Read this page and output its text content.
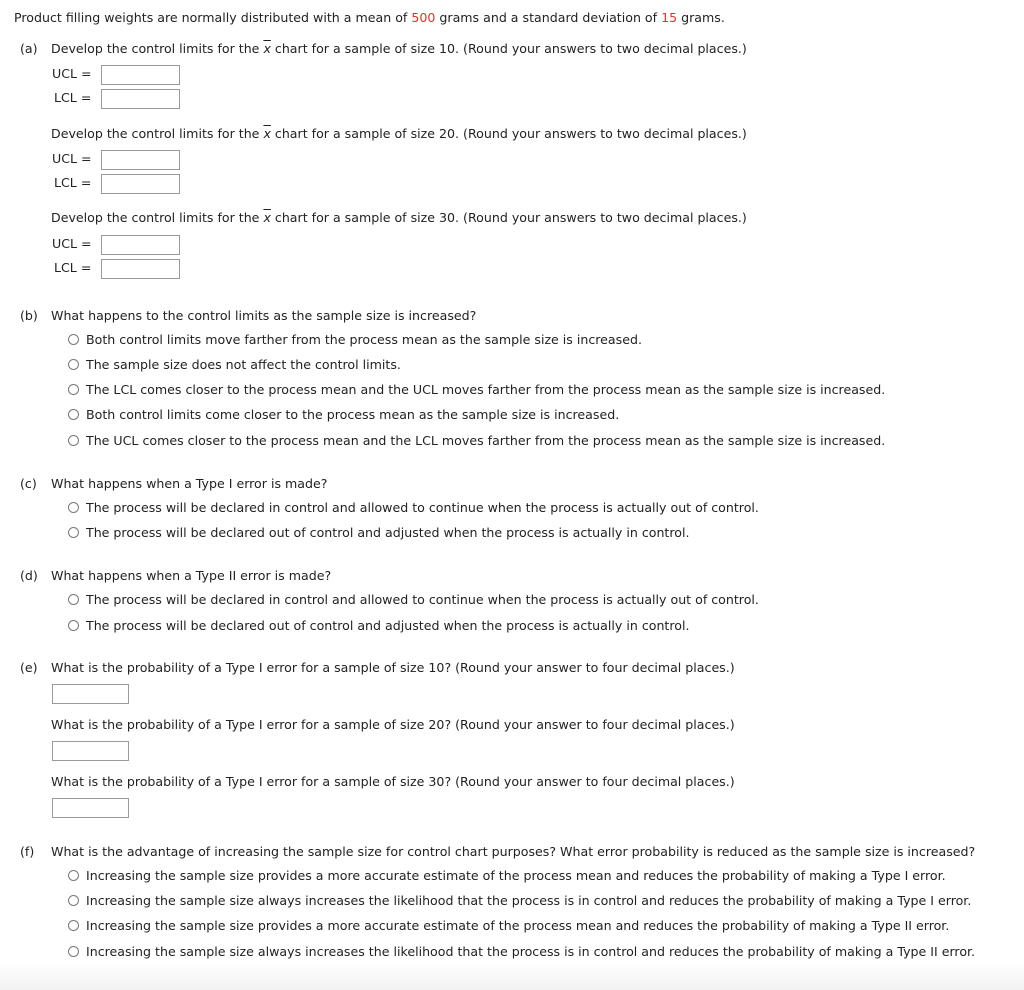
Product filling weights are normally distributed with a mean of 500 grams and a standard deviation of 15 grams.
(a) Develop the control limits for the $\overline{x}$ chart for a sample of size 10. (Round your answers to two decimal places.)
UCL =
LCL =
Develop the control limits for the $\overline{x}$ chart for a sample of size 20. (Round your answers to two decimal places.)
UCL =
LCL =
Develop the control limits for the $\overline{x}$ chart for a sample of size 30. (Round your answers to two decimal places.)
UCL =
LCL =
(b) What happens to the control limits as the sample size is increased?
Both control limits move farther from the process mean as the sample size is increased.
The sample size does not affect the control limits.
The LCL comes closer to the process mean and the UCL moves farther from the process mean as the sample size is increased.
Both control limits come closer to the process mean as the sample size is increased.
The UCL comes closer to the process mean and the LCL moves farther from the process mean as the sample size is increased.
(c) What happens when a Type I error is made?
The process will be declared in control and allowed to continue when the process is actually out of control.
The process will be declared out of control and adjusted when the process is actually in control.
(d) What happens when a Type II error is made?
The process will be declared in control and allowed to continue when the process is actually out of control.
The process will be declared out of control and adjusted when the process is actually in control.
(e) What is the probability of a Type I error for a sample of size 10? (Round your answer to four decimal places.)
What is the probability of a Type I error for a sample of size 20? (Round your answer to four decimal places.)
What is the probability of a Type I error for a sample of size 30? (Round your answer to four decimal places.)
(f) What is the advantage of increasing the sample size for control chart purposes? What error probability is reduced as the sample size is increased?
Increasing the sample size provides a more accurate estimate of the process mean and reduces the probability of making a Type I error.
Increasing the sample size always increases the likelihood that the process is in control and reduces the probability of making a Type I error.
Increasing the sample size provides a more accurate estimate of the process mean and reduces the probability of making a Type II error.
Increasing the sample size always increases the likelihood that the process is in control and reduces the probability of making a Type II error.
